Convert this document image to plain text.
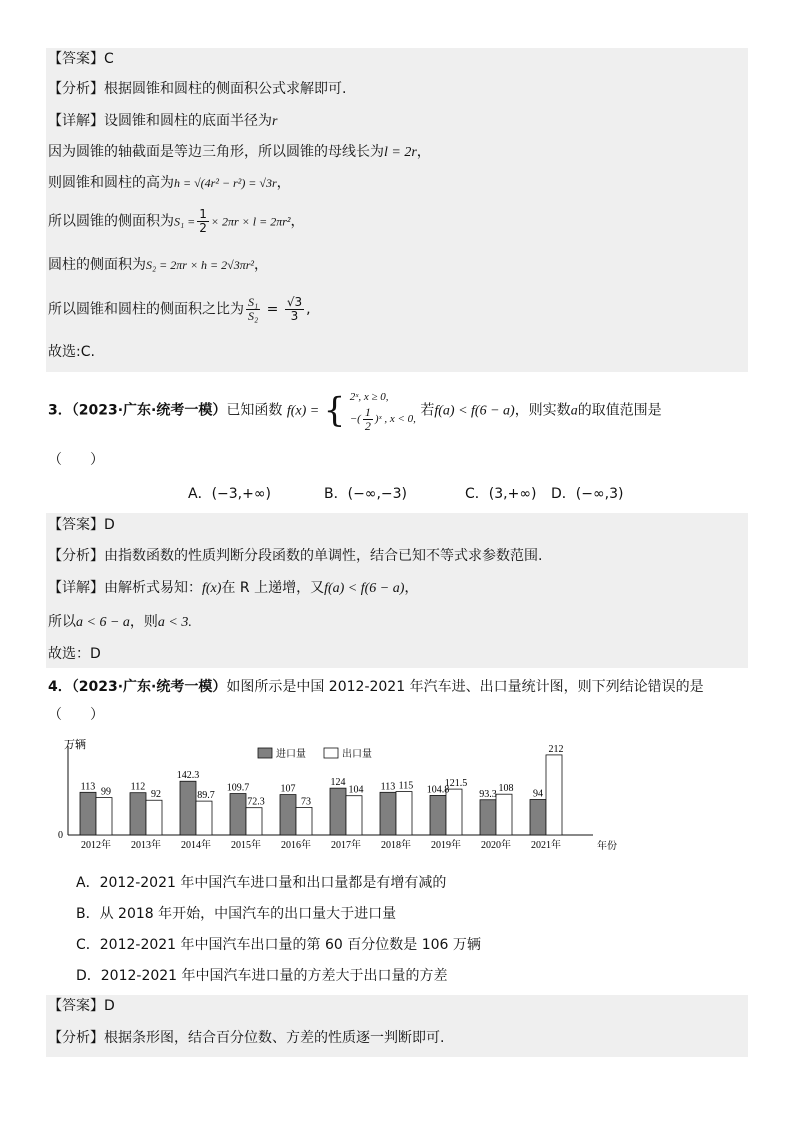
【答案】C
【分析】根据圆锥和圆柱的侧面积公式求解即可.
【详解】设圆锥和圆柱的底面半径为r
因为圆锥的轴截面是等边三角形，所以圆锥的母线长为l = 2r，
则圆锥和圆柱的高为h = √(4r² − r²) = √3r，
所以圆锥的侧面积为$S_1 = \frac{1}{2} \times 2\pi r \times l = 2\pi r^2$，
圆柱的侧面积为S₂ = 2πr × h = 2√3πr²，
所以圆锥和圆柱的侧面积之比为 $\frac{\text{S₁}}{\text{S₂}} = \frac{√3}{3}$ ,
故选:C.
3．（2023·广东·统考一模）已知函数 f(x) = { 2ˣ, x ≥ 0,
−( $\frac{1}{2}$ )ˣ , x < 0,
若f(a) < f(6 − a)，则实数a的取值范围是
（　　）
A．(−3,+∞)	B．(−∞,−3)	C．(3,+∞) D．(−∞,3)
【答案】D
【分析】由指数函数的性质判断分段函数的单调性，结合已知不等式求参数范围.
【详解】由解析式易知：f(x)在 R 上递增，又f(a) < f(6 − a)，
所以a < 6 − a，则a < 3.
故选：D
4．（2023·广东·统考一模）如图所示是中国 2012-2021 年汽车进、出口量统计图，则下列结论错误的是
（　　）
万辆
0
年份
进口量	出口量
113 99
2012年
112
92
2013年
142.3
89.7
2014年
109.7
72.3
2015年
107
73
2016年
124
104
2017年
113 115
2018年
104.8
121.5
2019年
93.3
108
2020年
94
212
2021年
A．2012-2021 年中国汽车进口量和出口量都是有增有减的
B．从 2018 年开始，中国汽车的出口量大于进口量
C．2012-2021 年中国汽车出口量的第 60 百分位数是 106 万辆
D．2012-2021 年中国汽车进口量的方差大于出口量的方差
【答案】D
【分析】根据条形图，结合百分位数、方差的性质逐一判断即可.
